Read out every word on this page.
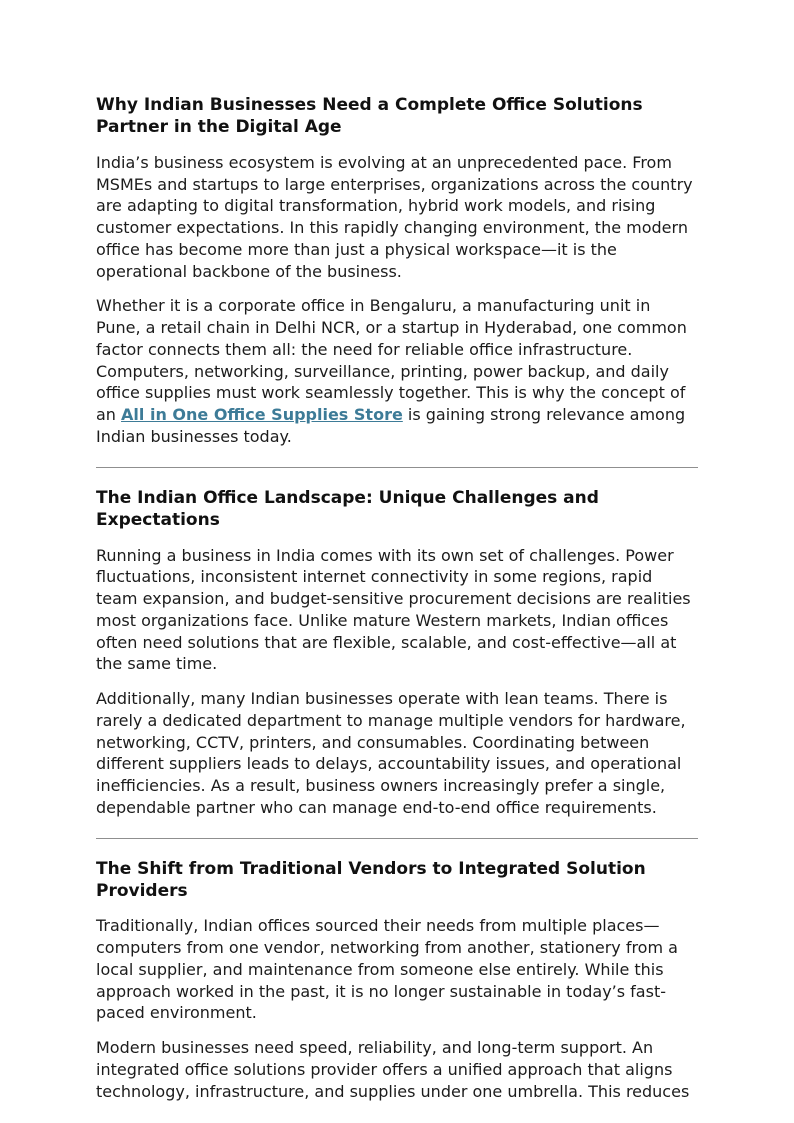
Why Indian Businesses Need a Complete Office Solutions Partner in the Digital Age

India’s business ecosystem is evolving at an unprecedented pace. From MSMEs and startups to large enterprises, organizations across the country are adapting to digital transformation, hybrid work models, and rising customer expectations. In this rapidly changing environment, the modern office has become more than just a physical workspace—it is the operational backbone of the business.

Whether it is a corporate office in Bengaluru, a manufacturing unit in Pune, a retail chain in Delhi NCR, or a startup in Hyderabad, one common factor connects them all: the need for reliable office infrastructure. Computers, networking, surveillance, printing, power backup, and daily office supplies must work seamlessly together. This is why the concept of an All in One Office Supplies Store is gaining strong relevance among Indian businesses today.

The Indian Office Landscape: Unique Challenges and Expectations

Running a business in India comes with its own set of challenges. Power fluctuations, inconsistent internet connectivity in some regions, rapid team expansion, and budget-sensitive procurement decisions are realities most organizations face. Unlike mature Western markets, Indian offices often need solutions that are flexible, scalable, and cost-effective—all at the same time.

Additionally, many Indian businesses operate with lean teams. There is rarely a dedicated department to manage multiple vendors for hardware, networking, CCTV, printers, and consumables. Coordinating between different suppliers leads to delays, accountability issues, and operational inefficiencies. As a result, business owners increasingly prefer a single, dependable partner who can manage end-to-end office requirements.

The Shift from Traditional Vendors to Integrated Solution Providers

Traditionally, Indian offices sourced their needs from multiple places—computers from one vendor, networking from another, stationery from a local supplier, and maintenance from someone else entirely. While this approach worked in the past, it is no longer sustainable in today’s fast-paced environment.

Modern businesses need speed, reliability, and long-term support. An integrated office solutions provider offers a unified approach that aligns technology, infrastructure, and supplies under one umbrella. This reduces
